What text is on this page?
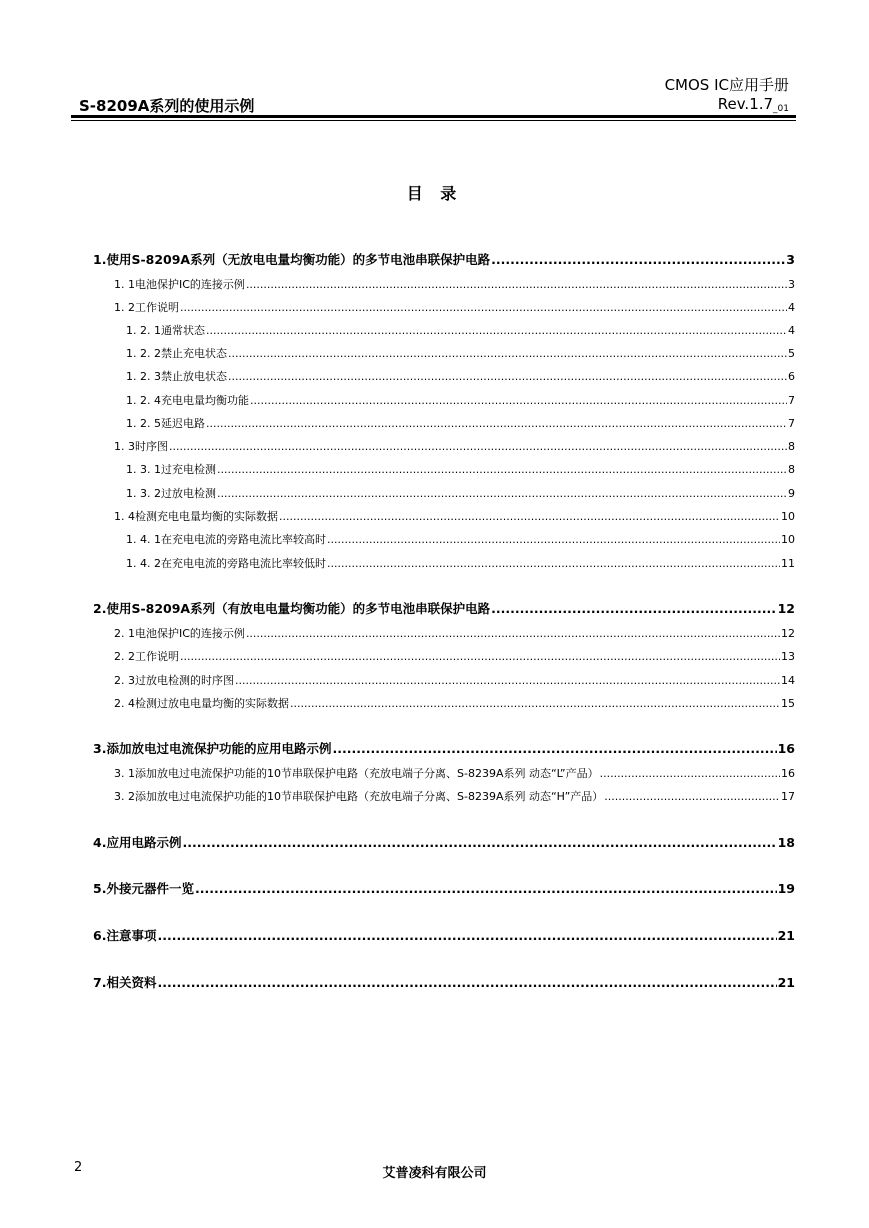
S-8209A系列的使用示例
CMOS IC应用手册
$Rev.1.7_{\_01}$
目 录
1. 使用S-8209A系列（无放电电量均衡功能）的多节电池串联保护电路 .....	3
1. 1 电池保护IC的连接示例 .....	3
1. 2 工作说明 .....	4
1. 2. 1 通常状态 .....	4
1. 2. 2 禁止充电状态 .....	5
1. 2. 3 禁止放电状态 .....	6
1. 2. 4 充电电量均衡功能 .....	7
1. 2. 5 延迟电路 .....	7
1. 3 时序图 .....	8
1. 3. 1 过充电检测 .....	8
1. 3. 2 过放电检测 .....	9
1. 4 检测充电电量均衡的实际数据 .....	10
1. 4. 1 在充电电流的旁路电流比率较高时 .....	10
1. 4. 2 在充电电流的旁路电流比率较低时 .....	11
2. 使用S-8209A系列（有放电电量均衡功能）的多节电池串联保护电路 .....	12
2. 1 电池保护IC的连接示例 .....	12
2. 2 工作说明 .....	13
2. 3 过放电检测的时序图 .....	14
2. 4 检测过放电电量均衡的实际数据 .....	15
3. 添加放电过电流保护功能的应用电路示例 .....	16
3. 1 添加放电过电流保护功能的10节串联保护电路（充放电端子分离、S-8239A系列 动态“L”产品） .....	16
3. 2 添加放电过电流保护功能的10节串联保护电路（充放电端子分离、S-8239A系列 动态“H”产品） .....	17
4. 应用电路示例 .....	18
5. 外接元器件一览 .....	19
6. 注意事项 .....	21
7. 相关资料 .....	21
2	艾普凌科有限公司
